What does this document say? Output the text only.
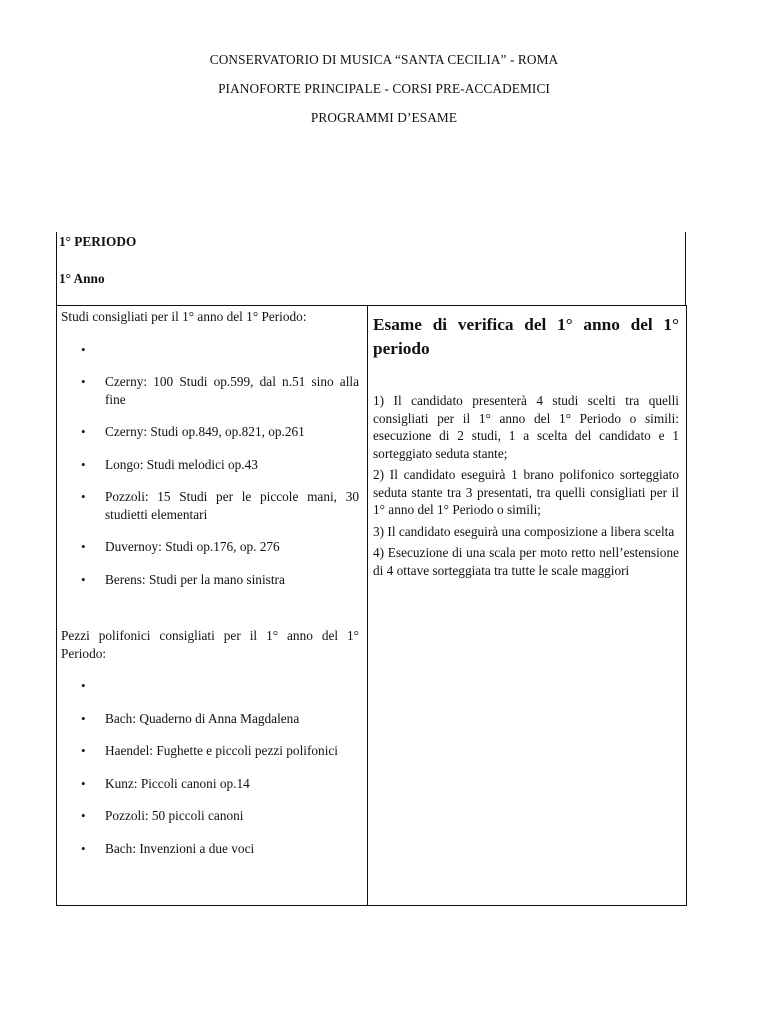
CONSERVATORIO DI MUSICA “SANTA CECILIA” - ROMA
PIANOFORTE PRINCIPALE - CORSI PRE-ACCADEMICI
PROGRAMMI D’ESAME
1° PERIODO
1° Anno

Studi consigliati per il 1° anno del 1° Periodo:

•

• Czerny: 100 Studi op.599, dal n.51 sino alla fine
• Czerny: Studi op.849, op.821, op.261
• Longo: Studi melodici op.43
• Pozzoli: 15 Studi per le piccole mani, 30 studietti elementari
• Duvernoy: Studi op.176, op. 276
• Berens: Studi per la mano sinistra

Pezzi polifonici consigliati per il 1° anno del 1° Periodo:

•

• Bach: Quaderno di Anna Magdalena
• Haendel: Fughette e piccoli pezzi polifonici
• Kunz: Piccoli canoni op.14
• Pozzoli: 50 piccoli canoni
• Bach: Invenzioni a due voci

Esame di verifica del 1° anno del 1° periodo

1) Il candidato presenterà 4 studi scelti tra quelli consigliati per il 1° anno del 1° Periodo o simili: esecuzione di 2 studi, 1 a scelta del candidato e 1 sorteggiato seduta stante;

2) Il candidato eseguirà 1 brano polifonico sorteggiato seduta stante tra 3 presentati, tra quelli consigliati per il 1° anno del 1° Periodo o simili;

3) Il candidato eseguirà una composizione a libera scelta

4) Esecuzione di una scala per moto retto nell’estensione di 4 ottave sorteggiata tra tutte le scale maggiori
